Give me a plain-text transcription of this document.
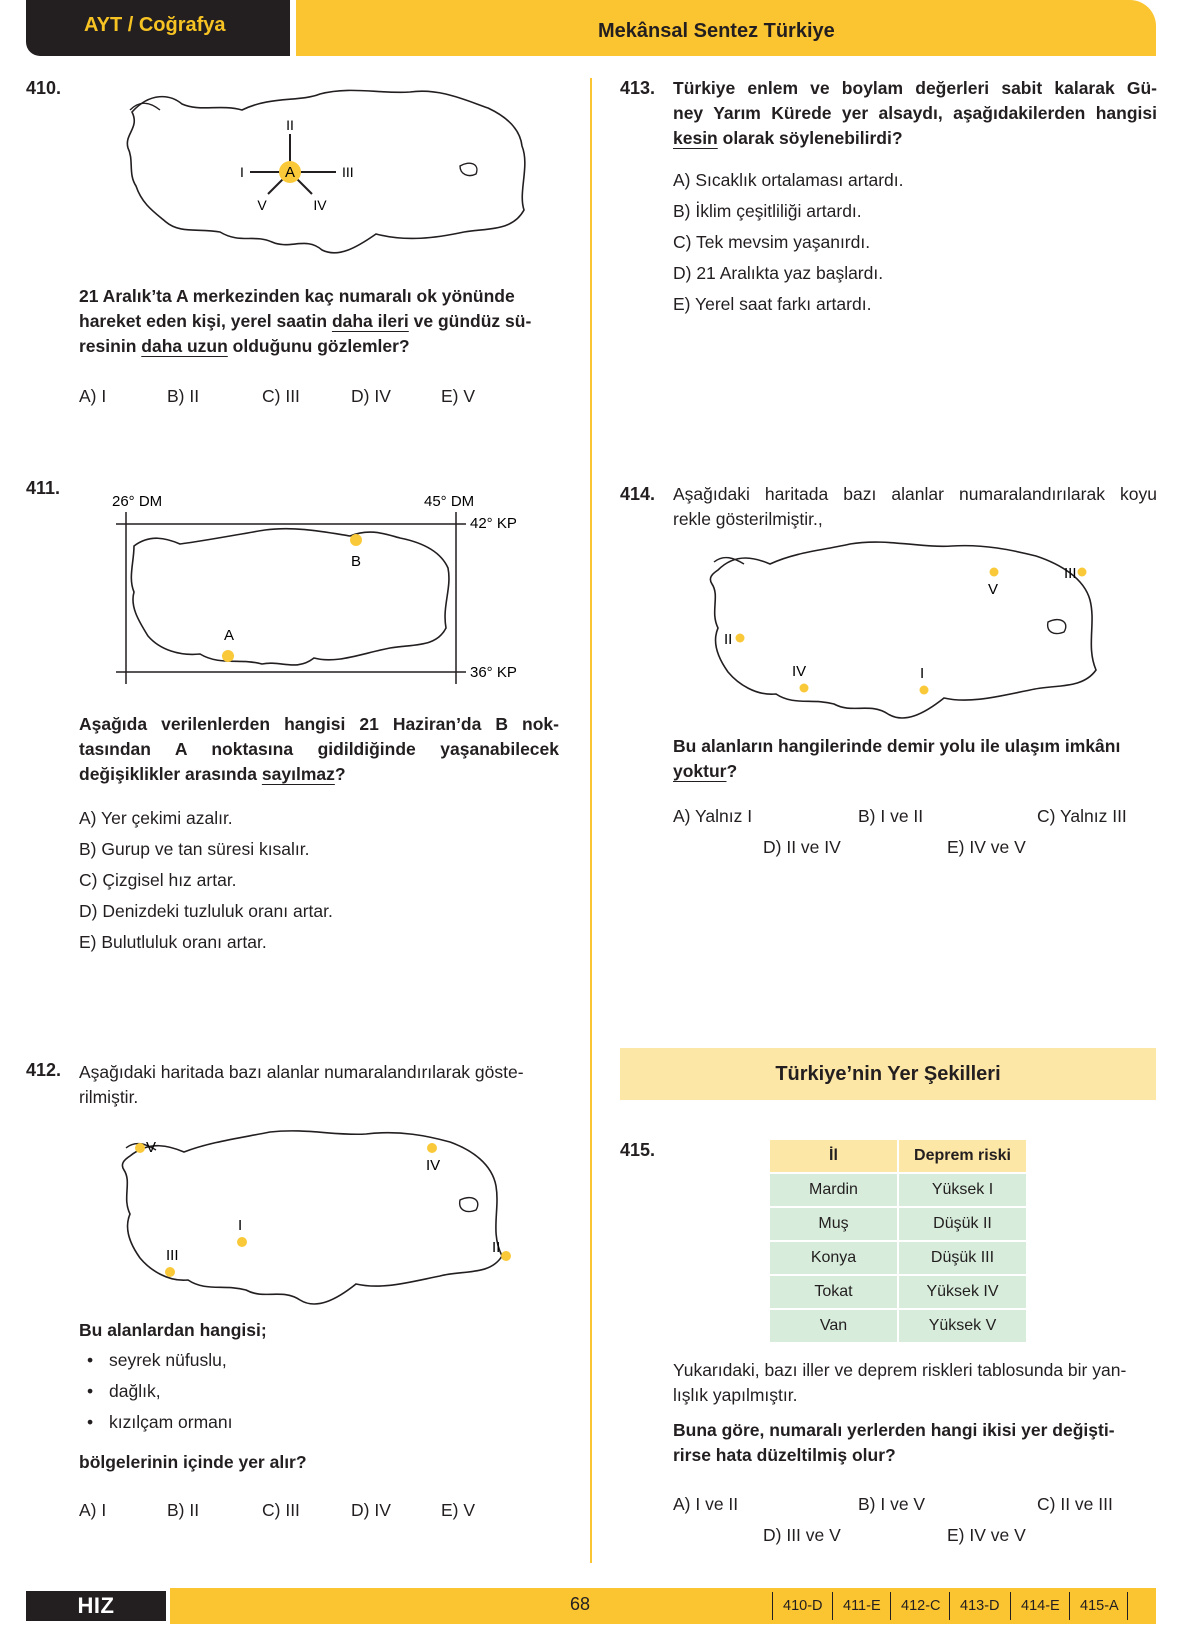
AYT / Coğrafya	Mekânsal Sentez Türkiye
410.
A
II
I	III
V	IV
21 Aralık’ta A merkezinden kaç numaralı ok yönünde
hareket eden kişi, yerel saatin daha ileri ve gündüz sü-
resinin daha uzun olduğunu gözlemler?
A) I	B) II	C) III	D) IV	E) V
411.
26° DM	45° DM
42° KP
36° KP
B
A
Aşağıda verilenlerden hangisi 21 Haziran’da B nok-
tasından A noktasına gidildiğinde yaşanabilecek
değişiklikler arasında sayılmaz?
A) Yer çekimi azalır.
B) Gurup ve tan süresi kısalır.
C) Çizgisel hız artar.
D) Denizdeki tuzluluk oranı artar.
E) Bulutluluk oranı artar.
412. Aşağıdaki haritada bazı alanlar numaralandırılarak göste-
rilmiştir.
V
IV
I
III	II
Bu alanlardan hangisi;
• seyrek nüfuslu,
• dağlık,
• kızılçam ormanı
bölgelerinin içinde yer alır?
A) I	B) II	C) III	D) IV	E) V
413. Türkiye enlem ve boylam değerleri sabit kalarak Gü-
ney Yarım Kürede yer alsaydı, aşağıdakilerden hangisi
kesin olarak söylenebilirdi?
A) Sıcaklık ortalaması artardı.
B) İklim çeşitliliği artardı.
C) Tek mevsim yaşanırdı.
D) 21 Aralıkta yaz başlardı.
E) Yerel saat farkı artardı.
414. Aşağıdaki haritada bazı alanlar numaralandırılarak koyu
rekle gösterilmiştir.,
V
III
II
IV	I
Bu alanların hangilerinde demir yolu ile ulaşım imkânı
yoktur?
A) Yalnız I	B) I ve II	C) Yalnız III
D) II ve IV	E) IV ve V
Türkiye’nin Yer Şekilleri
415.	İl	Deprem riski
Mardin	Yüksek I
Muş	Düşük II
Konya	Düşük III
Tokat	Yüksek IV
Van	Yüksek V
Yukarıdaki, bazı iller ve deprem riskleri tablosunda bir yan-
lışlık yapılmıştır.
Buna göre, numaralı yerlerden hangi ikisi yer değişti-
rirse hata düzeltilmiş olur?
A) I ve II	B) I ve V	C) II ve III
D) III ve V	E) IV ve V
HIZ YAYINLARI
68	410-D	411-E	412-C	413-D	414-E	415-A
